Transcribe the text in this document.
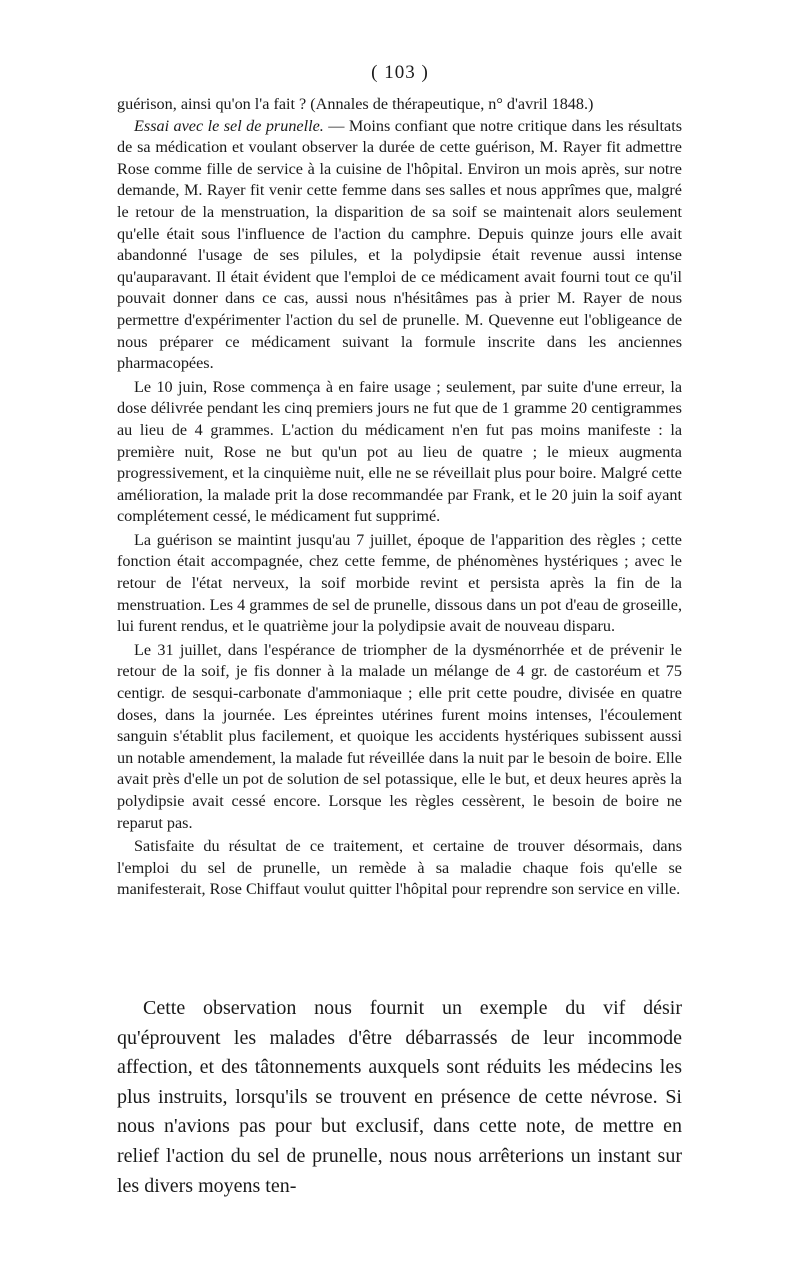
( 103 )

guérison, ainsi qu'on l'a fait ? (Annales de thérapeutique, n° d'avril 1848.)

Essai avec le sel de prunelle. — Moins confiant que notre critique dans les résultats de sa médication et voulant observer la durée de cette guérison, M. Rayer fit admettre Rose comme fille de service à la cuisine de l'hôpital. Environ un mois après, sur notre demande, M. Rayer fit venir cette femme dans ses salles et nous apprîmes que, malgré le retour de la menstruation, la disparition de sa soif se maintenait alors seulement qu'elle était sous l'influence de l'action du camphre. Depuis quinze jours elle avait abandonné l'usage de ses pilules, et la polydipsie était revenue aussi intense qu'auparavant. Il était évident que l'emploi de ce médicament avait fourni tout ce qu'il pouvait donner dans ce cas, aussi nous n'hésitâmes pas à prier M. Rayer de nous permettre d'expérimenter l'action du sel de prunelle. M. Quevenne eut l'obligeance de nous préparer ce médicament suivant la formule inscrite dans les anciennes pharmacopées.

Le 10 juin, Rose commença à en faire usage ; seulement, par suite d'une erreur, la dose délivrée pendant les cinq premiers jours ne fut que de 1 gramme 20 centigrammes au lieu de 4 grammes. L'action du médicament n'en fut pas moins manifeste : la première nuit, Rose ne but qu'un pot au lieu de quatre ; le mieux augmenta progressivement, et la cinquième nuit, elle ne se réveillait plus pour boire. Malgré cette amélioration, la malade prit la dose recommandée par Frank, et le 20 juin la soif ayant complétement cessé, le médicament fut supprimé.

La guérison se maintint jusqu'au 7 juillet, époque de l'apparition des règles ; cette fonction était accompagnée, chez cette femme, de phénomènes hystériques ; avec le retour de l'état nerveux, la soif morbide revint et persista après la fin de la menstruation. Les 4 grammes de sel de prunelle, dissous dans un pot d'eau de groseille, lui furent rendus, et le quatrième jour la polydipsie avait de nouveau disparu.

Le 31 juillet, dans l'espérance de triompher de la dysménorrhée et de prévenir le retour de la soif, je fis donner à la malade un mélange de 4 gr. de castoréum et 75 centigr. de sesqui-carbonate d'ammoniaque ; elle prit cette poudre, divisée en quatre doses, dans la journée. Les épreintes utérines furent moins intenses, l'écoulement sanguin s'établit plus facilement, et quoique les accidents hystériques subissent aussi un notable amendement, la malade fut réveillée dans la nuit par le besoin de boire. Elle avait près d'elle un pot de solution de sel potassique, elle le but, et deux heures après la polydipsie avait cessé encore. Lorsque les règles cessèrent, le besoin de boire ne reparut pas.

Satisfaite du résultat de ce traitement, et certaine de trouver désormais, dans l'emploi du sel de prunelle, un remède à sa maladie chaque fois qu'elle se manifesterait, Rose Chiffaut voulut quitter l'hôpital pour reprendre son service en ville.

Cette observation nous fournit un exemple du vif désir qu'éprouvent les malades d'être débarrassés de leur incommode affection, et des tâtonnements auxquels sont réduits les médecins les plus instruits, lorsqu'ils se trouvent en présence de cette névrose. Si nous n'avions pas pour but exclusif, dans cette note, de mettre en relief l'action du sel de prunelle, nous nous arrêterions un instant sur les divers moyens ten-
